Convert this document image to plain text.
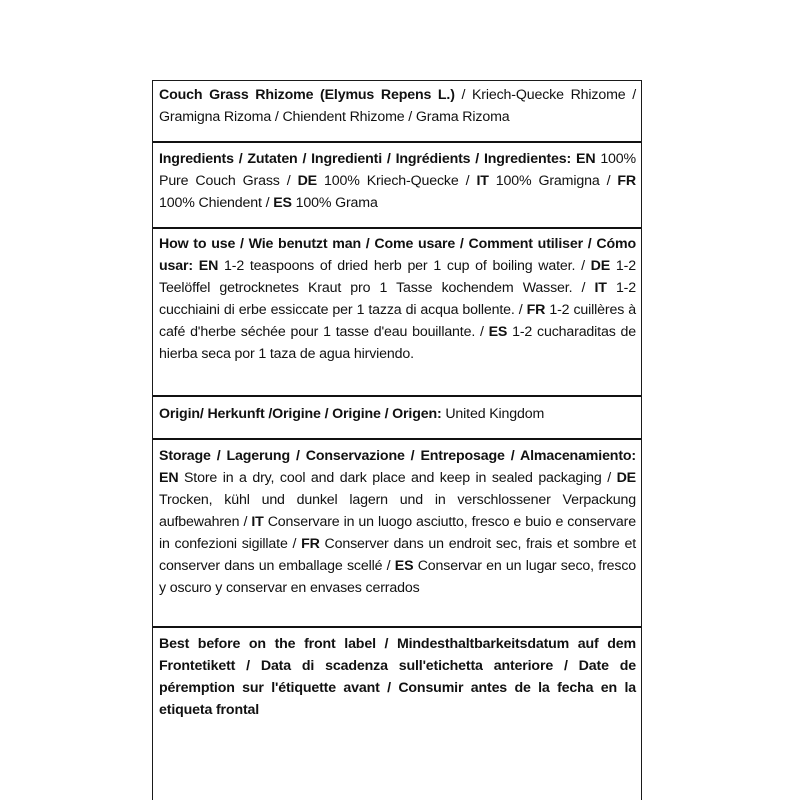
Couch Grass Rhizome (Elymus Repens L.) / Kriech-Quecke Rhizome / Gramigna Rizoma / Chiendent Rhizome / Grama Rizoma
Ingredients / Zutaten / Ingredienti / Ingrédients / Ingredientes: EN 100% Pure Couch Grass / DE 100% Kriech-Quecke / IT 100% Gramigna / FR 100% Chiendent / ES 100% Grama
How to use / Wie benutzt man / Come usare / Comment utiliser / Cómo usar: EN 1-2 teaspoons of dried herb per 1 cup of boiling water. / DE 1-2 Teelöffel getrocknetes Kraut pro 1 Tasse kochendem Wasser. / IT 1-2 cucchiaini di erbe essiccate per 1 tazza di acqua bollente. / FR 1-2 cuillères à café d'herbe séchée pour 1 tasse d'eau bouillante. / ES 1-2 cucharaditas de hierba seca por 1 taza de agua hirviendo.
Origin/ Herkunft /Origine / Origine / Origen: United Kingdom
Storage / Lagerung / Conservazione / Entreposage / Almacenamiento: EN Store in a dry, cool and dark place and keep in sealed packaging / DE Trocken, kühl und dunkel lagern und in verschlossener Verpackung aufbewahren / IT Conservare in un luogo asciutto, fresco e buio e conservare in confezioni sigillate / FR Conserver dans un endroit sec, frais et sombre et conserver dans un emballage scellé / ES Conservar en un lugar seco, fresco y oscuro y conservar en envases cerrados
Best before on the front label / Mindesthaltbarkeitsdatum auf dem Frontetikett / Data di scadenza sull'etichetta anteriore / Date de péremption sur l'étiquette avant / Consumir antes de la fecha en la etiqueta frontal
